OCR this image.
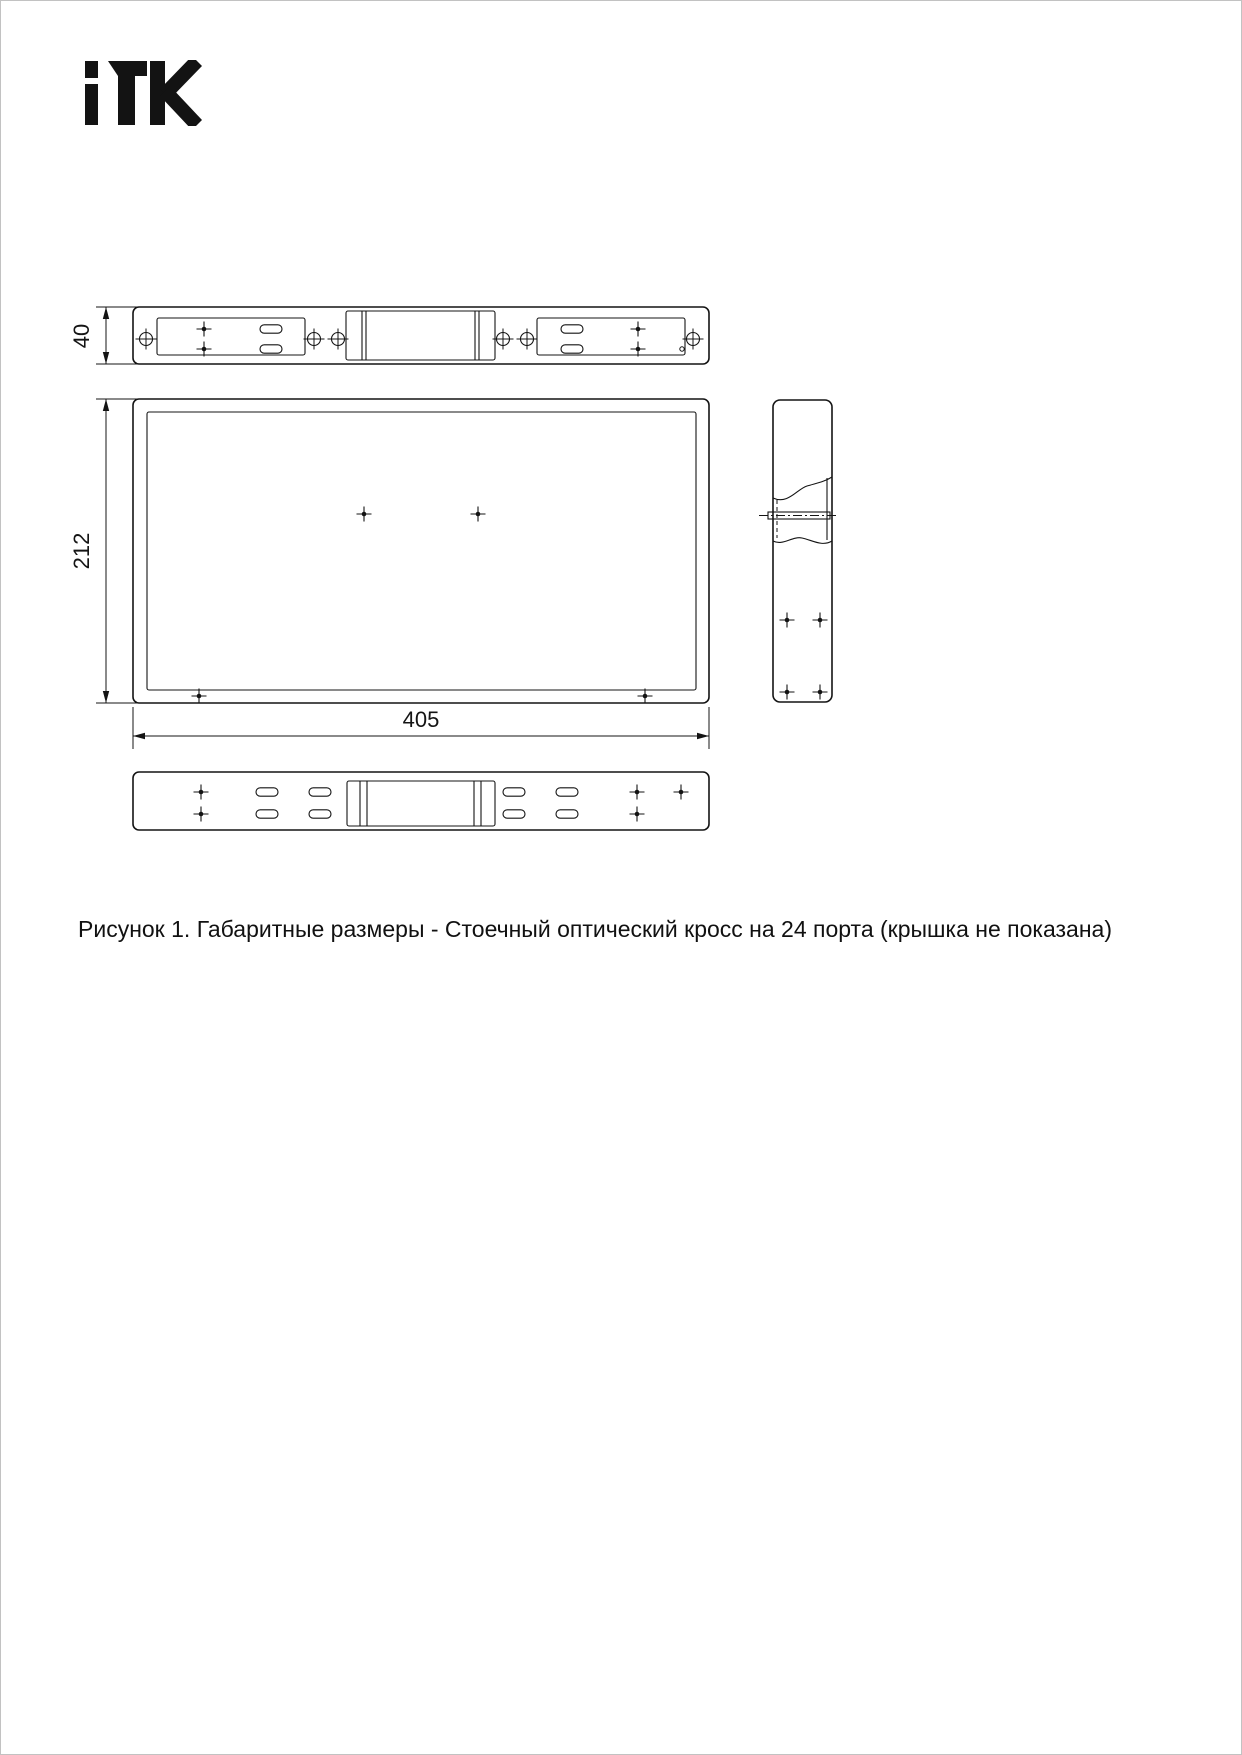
40
212
405
Рисунок 1. Габаритные размеры - Стоечный оптический кросс на 24 порта (крышка не показана)
